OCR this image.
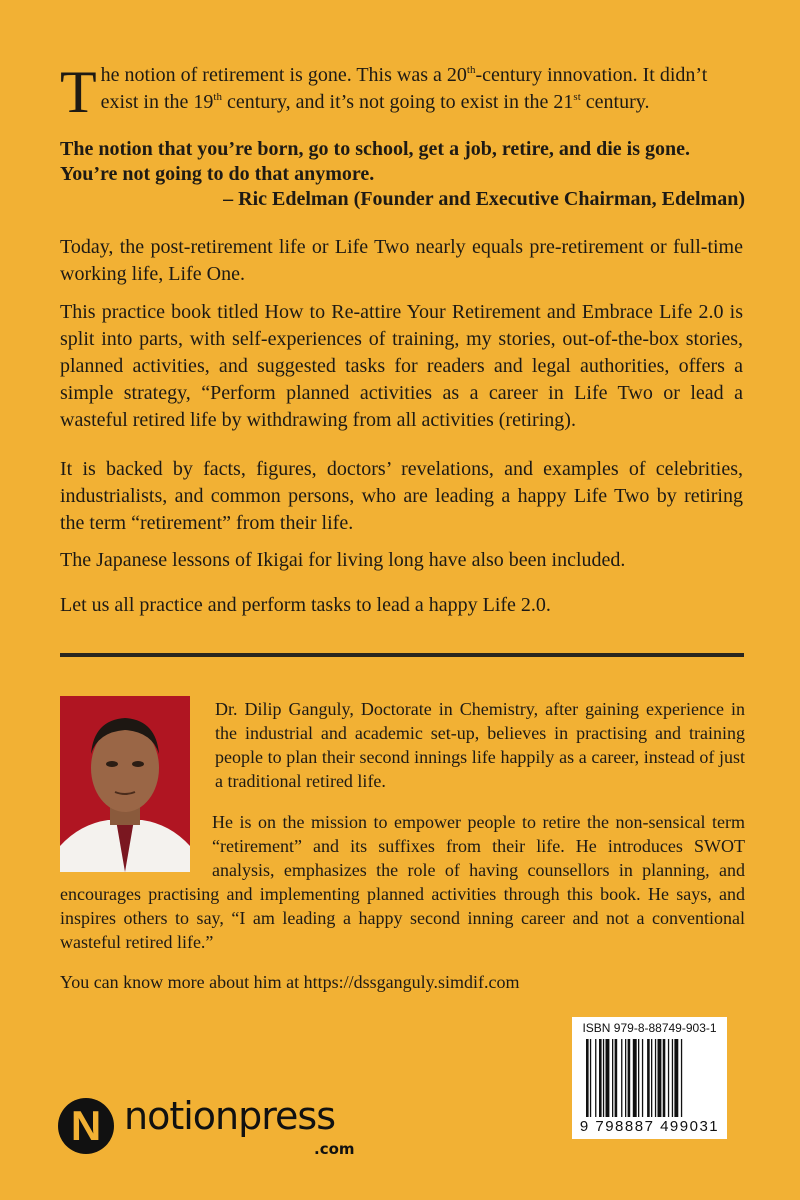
The notion of retirement is gone. This was a 20th-century innovation. It didn’t exist in the 19th century, and it’s not going to exist in the 21st century.
The notion that you’re born, go to school, get a job, retire, and die is gone. You’re not going to do that anymore.
– Ric Edelman (Founder and Executive Chairman, Edelman)
Today, the post-retirement life or Life Two nearly equals pre-retirement or full-time working life, Life One.
This practice book titled How to Re-attire Your Retirement and Embrace Life 2.0 is split into parts, with self-experiences of training, my stories, out-of-the-box stories, planned activities, and suggested tasks for readers and legal authorities, offers a simple strategy, “Perform planned activities as a career in Life Two or lead a wasteful retired life by withdrawing from all activities (retiring).
It is backed by facts, figures, doctors’ revelations, and examples of celebrities, industrialists, and common persons, who are leading a happy Life Two by retiring the term “retirement” from their life.
The Japanese lessons of Ikigai for living long have also been included.
Let us all practice and perform tasks to lead a happy Life 2.0.
Dr. Dilip Ganguly, Doctorate in Chemistry, after gaining experience in the industrial and academic set-up, believes in practising and training people to plan their second innings life happily as a career, instead of just a traditional retired life.
He is on the mission to empower people to retire the non-sensical term “retirement” and its suffixes from their life. He introduces SWOT analysis, emphasizes the role of having counsellors in planning, and encourages practising and implementing planned activities through this book. He says, and inspires others to say, “I am leading a happy second inning career and not a conventional wasteful retired life.”
You can know more about him at https://dssganguly.simdif.com
ISBN 979-8-88749-903-1
9 798887 499031
N notionpress
.com
